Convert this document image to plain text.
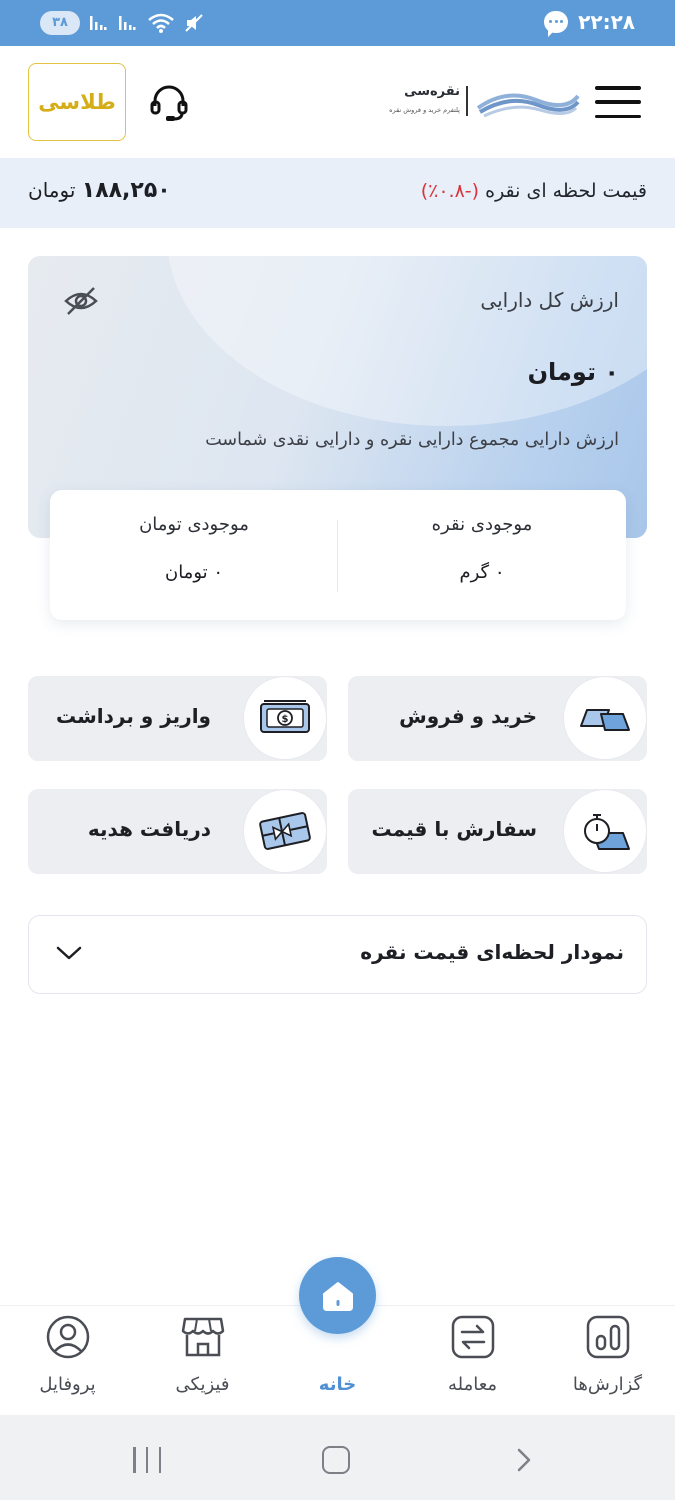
۲۲:۲۸
۳۸
طلاسی	نقره‌سی
پلتفرم خرید و فروش نقره
قیمت لحظه ای نقره (-۰.۸٪)
۱۸۸,۲۵۰ تومان
ارزش کل دارایی
۰ تومان
ارزش دارایی مجموع دارایی نقره و دارایی نقدی شماست
موجودی نقره
۰ گرم
موجودی تومان
۰ تومان
خرید و فروش
$
واریز و برداشت
سفارش با قیمت
دریافت هدیه
نمودار لحظه‌ای قیمت نقره
گزارش‌ها
معامله
خانه
فیزیکی
پروفایل
